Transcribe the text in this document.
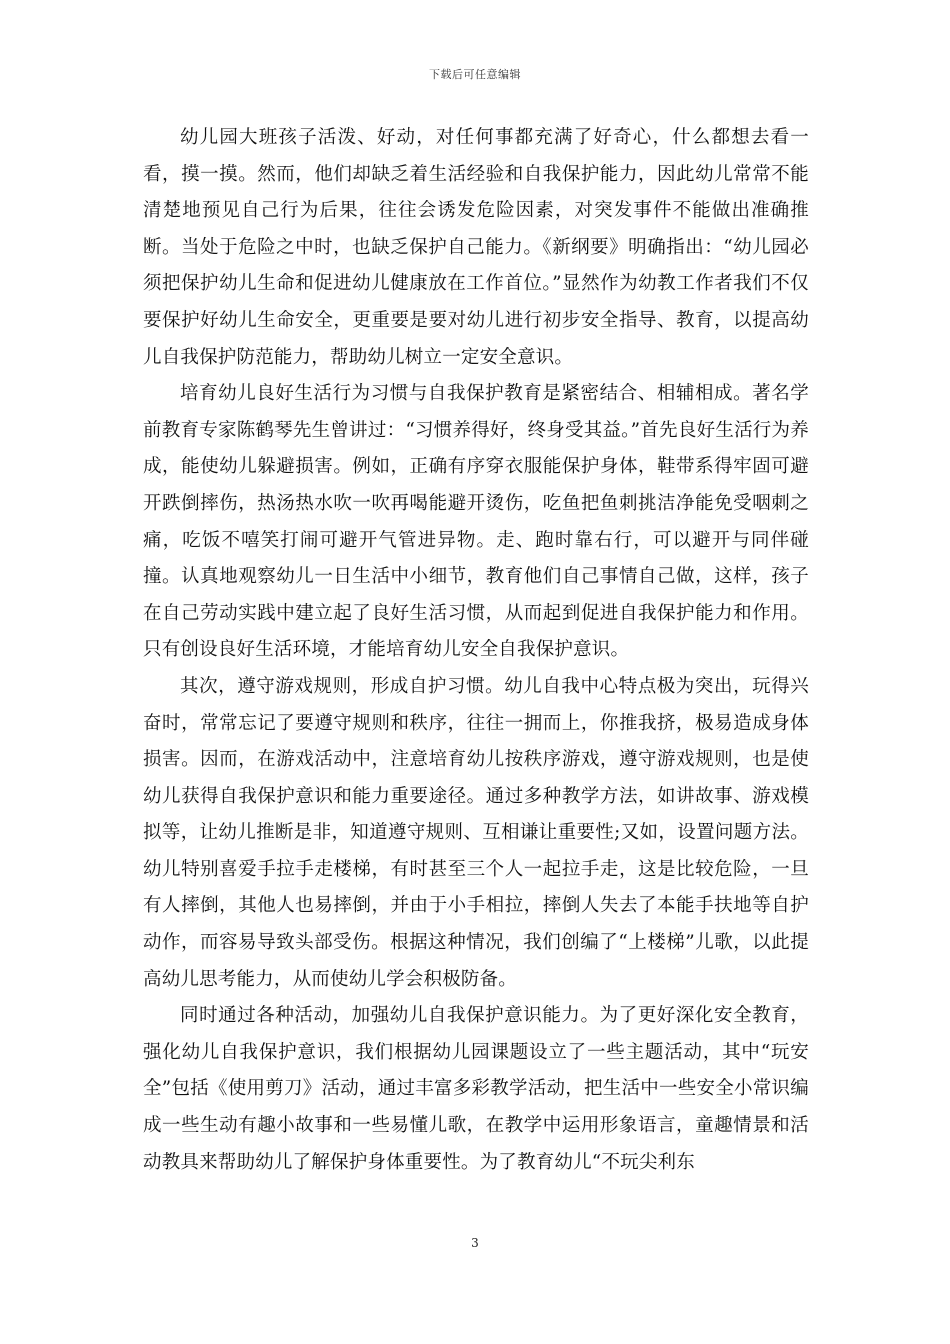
下载后可任意编辑

幼儿园大班孩子活泼、好动，对任何事都充满了好奇心，什么都想去看一看，摸一摸。然而，他们却缺乏着生活经验和自我保护能力，因此幼儿常常不能清楚地预见自己行为后果，往往会诱发危险因素，对突发事件不能做出准确推断。当处于危险之中时，也缺乏保护自己能力。《新纲要》明确指出：“幼儿园必须把保护幼儿生命和促进幼儿健康放在工作首位。”显然作为幼教工作者我们不仅要保护好幼儿生命安全，更重要是要对幼儿进行初步安全指导、教育，以提高幼儿自我保护防范能力，帮助幼儿树立一定安全意识。

培育幼儿良好生活行为习惯与自我保护教育是紧密结合、相辅相成。著名学前教育专家陈鹤琴先生曾讲过：“习惯养得好，终身受其益。”首先良好生活行为养成，能使幼儿躲避损害。例如，正确有序穿衣服能保护身体，鞋带系得牢固可避开跌倒摔伤，热汤热水吹一吹再喝能避开烫伤，吃鱼把鱼刺挑洁净能免受咽刺之痛，吃饭不嘻笑打闹可避开气管进异物。走、跑时靠右行，可以避开与同伴碰撞。认真地观察幼儿一日生活中小细节，教育他们自己事情自己做，这样，孩子在自己劳动实践中建立起了良好生活习惯，从而起到促进自我保护能力和作用。只有创设良好生活环境，才能培育幼儿安全自我保护意识。

其次，遵守游戏规则，形成自护习惯。幼儿自我中心特点极为突出，玩得兴奋时，常常忘记了要遵守规则和秩序，往往一拥而上，你推我挤，极易造成身体损害。因而，在游戏活动中，注意培育幼儿按秩序游戏，遵守游戏规则，也是使幼儿获得自我保护意识和能力重要途径。通过多种教学方法，如讲故事、游戏模拟等，让幼儿推断是非，知道遵守规则、互相谦让重要性;又如，设置问题方法。幼儿特别喜爱手拉手走楼梯，有时甚至三个人一起拉手走，这是比较危险，一旦有人摔倒，其他人也易摔倒，并由于小手相拉，摔倒人失去了本能手扶地等自护动作，而容易导致头部受伤。根据这种情况，我们创编了“上楼梯”儿歌，以此提高幼儿思考能力，从而使幼儿学会积极防备。

同时通过各种活动，加强幼儿自我保护意识能力。为了更好深化安全教育，强化幼儿自我保护意识，我们根据幼儿园课题设立了一些主题活动，其中“玩安全”包括《使用剪刀》活动，通过丰富多彩教学活动，把生活中一些安全小常识编成一些生动有趣小故事和一些易懂儿歌，在教学中运用形象语言，童趣情景和活动教具来帮助幼儿了解保护身体重要性。为了教育幼儿“不玩尖利东

3
